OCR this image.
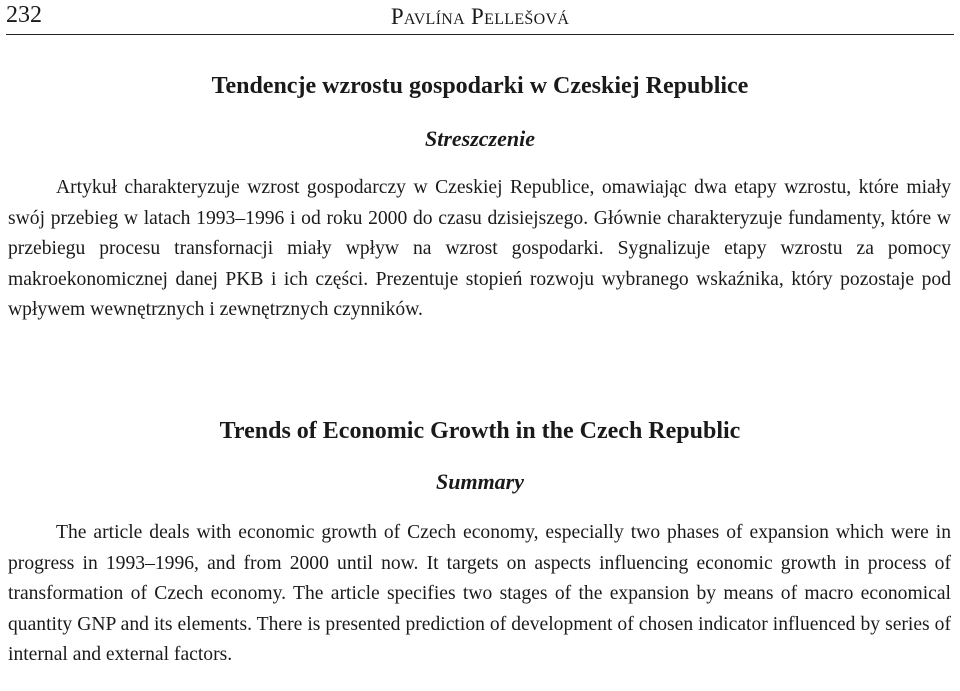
232	Pavlína Pellešová
Tendencje wzrostu gospodarki w Czeskiej Republice
Streszczenie

Artykuł charakteryzuje wzrost gospodarczy w Czeskiej Republice, omawiając dwa etapy wzrostu, które miały swój przebieg w latach 1993–1996 i od roku 2000 do czasu dzisiejszego. Głównie charakteryzuje fundamenty, które w przebiegu procesu transfornacji miały wpływ na wzrost gospodarki. Sygnalizuje etapy wzrostu za pomocy makroekonomicznej danej PKB i ich części. Prezentuje stopień rozwoju wybranego wskaźnika, który pozostaje pod wpływem wewnętrznych i zewnętrznych czynników.

Trends of Economic Growth in the Czech Republic
Summary

The article deals with economic growth of Czech economy, especially two phases of expansion which were in progress in 1993–1996, and from 2000 until now. It targets on aspects influencing economic growth in process of transformation of Czech economy. The article specifies two stages of the expansion by means of macro economical quantity GNP and its elements. There is presented prediction of development of chosen indicator influenced by series of internal and external factors.
